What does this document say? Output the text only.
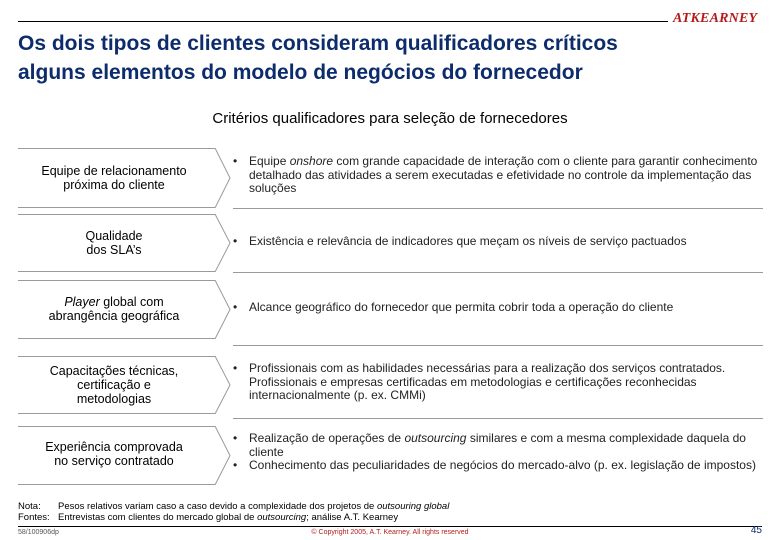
ATKEARNEY
Os dois tipos de clientes consideram qualificadores críticos
alguns elementos do modelo de negócios do fornecedor
Critérios qualificadores para seleção de fornecedores
Equipe de relacionamento
próxima do cliente
• Equipe onshore com grande capacidade de interação com o cliente para garantir conhecimento detalhado das atividades a serem executadas e efetividade no controle da implementação das soluções
Qualidade
dos SLA’s
• Existência e relevância de indicadores que meçam os níveis de serviço pactuados
Player global com
abrangência geográfica
• Alcance geográfico do fornecedor que permita cobrir toda a operação do cliente
Capacitações técnicas,
certificação e
metodologias
• Profissionais com as habilidades necessárias para a realização dos serviços contratados. Profissionais e empresas certificadas em metodologias e certificações reconhecidas internacionalmente (p. ex. CMMi)
Experiência comprovada
no serviço contratado
• Realização de operações de outsourcing similares e com a mesma complexidade daquela do cliente
• Conhecimento das peculiaridades de negócios do mercado-alvo (p. ex. legislação de impostos)
Nota: Pesos relativos variam caso a caso devido a complexidade dos projetos de outsouring global
Fontes: Entrevistas com clientes do mercado global de outsourcing; análise A.T. Kearney
58/100906dp	© Copyright 2005, A.T. Kearney. All rights reserved	45
